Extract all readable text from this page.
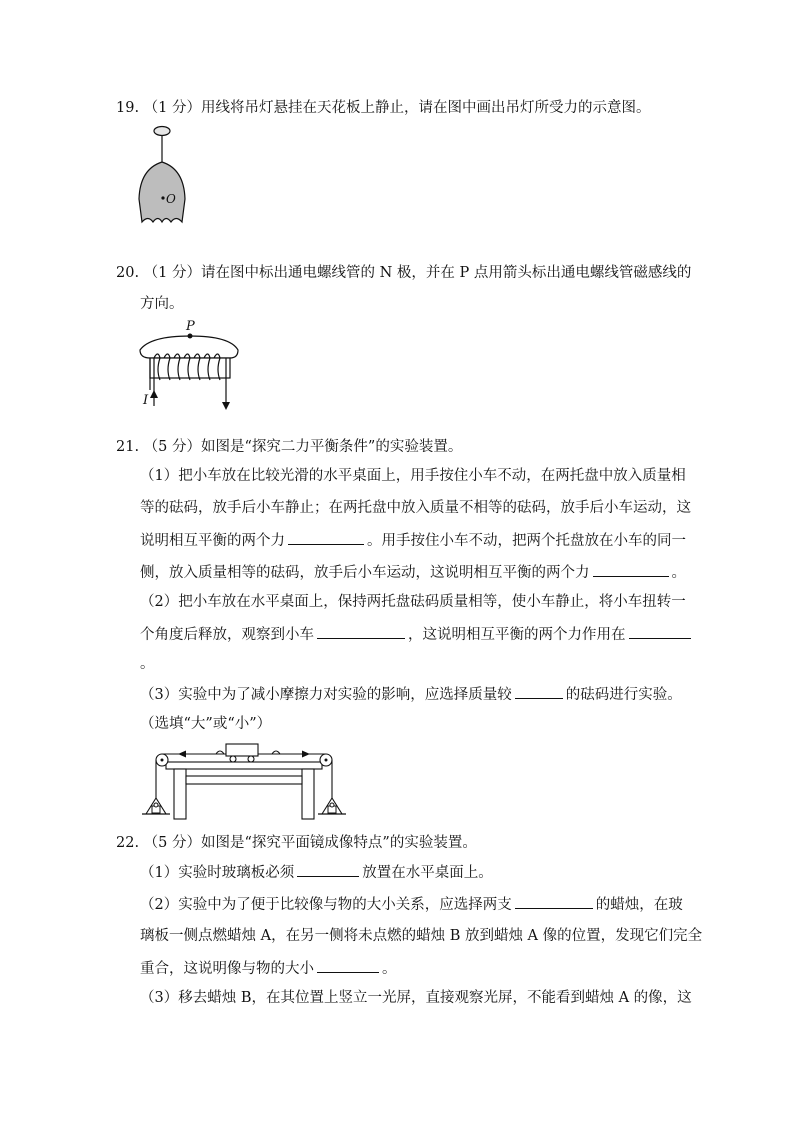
19. （1 分）用线将吊灯悬挂在天花板上静止，请在图中画出吊灯所受力的示意图。
O
20. （1 分）请在图中标出通电螺线管的 N 极，并在 P 点用箭头标出通电螺线管磁感线的
方向。
P
I
21. （5 分）如图是“探究二力平衡条件”的实验装置。
（1）把小车放在比较光滑的水平桌面上，用手按住小车不动，在两托盘中放入质量相
等的砝码，放手后小车静止；在两托盘中放入质量不相等的砝码，放手后小车运动，这
说明相互平衡的两个力	。用手按住小车不动，把两个托盘放在小车的同一
侧，放入质量相等的砝码，放手后小车运动，这说明相互平衡的两个力	。
（2）把小车放在水平桌面上，保持两托盘砝码质量相等，使小车静止，将小车扭转一
个角度后释放，观察到小车	，这说明相互平衡的两个力作用在
。
（3）实验中为了减小摩擦力对实验的影响，应选择质量较	的砝码进行实验。
（选填“大”或“小”）
22. （5 分）如图是“探究平面镜成像特点”的实验装置。
（1）实验时玻璃板必须	放置在水平桌面上。
（2）实验中为了便于比较像与物的大小关系，应选择两支	的蜡烛，在玻
璃板一侧点燃蜡烛 A，在另一侧将未点燃的蜡烛 B 放到蜡烛 A 像的位置，发现它们完全
重合，这说明像与物的大小	。
（3）移去蜡烛 B，在其位置上竖立一光屏，直接观察光屏，不能看到蜡烛 A 的像，这
